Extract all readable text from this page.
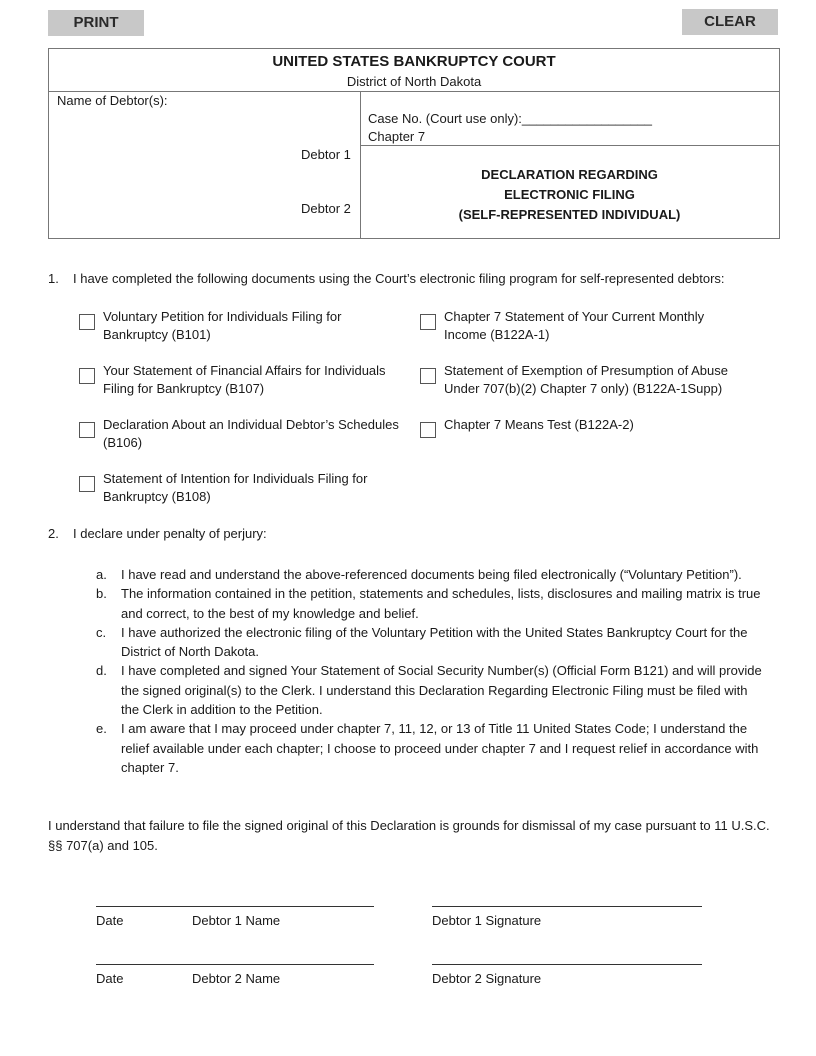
PRINT	CLEAR
UNITED STATES BANKRUPTCY COURT
District of North Dakota
Name of Debtor(s):
Debtor 1
Debtor 2
Case No. (Court use only):__________________
Chapter 7
DECLARATION REGARDING
ELECTRONIC FILING
(SELF-REPRESENTED INDIVIDUAL)
1. I have completed the following documents using the Court’s electronic filing program for self-represented debtors:
Voluntary Petition for Individuals Filing for Bankruptcy (B101)
Your Statement of Financial Affairs for Individuals Filing for Bankruptcy (B107)
Declaration About an Individual Debtor’s Schedules (B106)
Statement of Intention for Individuals Filing for Bankruptcy (B108)
Chapter 7 Statement of Your Current Monthly Income (B122A-1)
Statement of Exemption of Presumption of Abuse Under 707(b)(2) Chapter 7 only) (B122A-1Supp)
Chapter 7 Means Test (B122A-2)
2. I declare under penalty of perjury:
a.	I have read and understand the above-referenced documents being filed electronically (“Voluntary Petition”).
b.	The information contained in the petition, statements and schedules, lists, disclosures and mailing matrix is true and correct, to the best of my knowledge and belief.
c.	I have authorized the electronic filing of the Voluntary Petition with the United States Bankruptcy Court for the District of North Dakota.
d.	I have completed and signed Your Statement of Social Security Number(s) (Official Form B121) and will provide the signed original(s) to the Clerk. I understand this Declaration Regarding Electronic Filing must be filed with the Clerk in addition to the Petition.
e.	I am aware that I may proceed under chapter 7, 11, 12, or 13 of Title 11 United States Code; I understand the relief available under each chapter; I choose to proceed under chapter 7 and I request relief in accordance with chapter 7.
I understand that failure to file the signed original of this Declaration is grounds for dismissal of my case pursuant to 11 U.S.C. §§ 707(a) and 105.
Date	Debtor 1 Name	Debtor 1 Signature
Date	Debtor 2 Name	Debtor 2 Signature
